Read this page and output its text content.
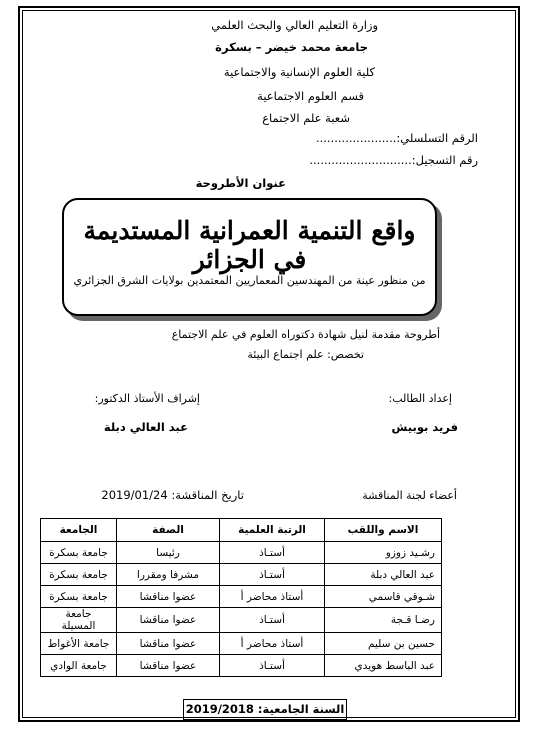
وزارة التعليم العالي والبحث العلمي
جامعة محمد خيضر – بسكرة
كلية العلوم الإنسانية والاجتماعية
قسم العلوم الاجتماعية
شعبة علم الاجتماع
الرقم التسلسلي:......................
رقم التسجيل:............................
عنوان الأطروحة
واقع التنمية العمرانية المستديمة في الجزائر
من منظور عينة من المهندسين المعماريين المعتمدين بولايات الشرق الجزائري
أطروحة مقدمة لنيل شهادة دكتوراه العلوم في علم الاجتماع
تخصص: علم اجتماع البيئة
إعداد الطالب:
فريد بوبيش
إشراف الأستاذ الدكتور:
عبد العالي دبلة
أعضاء لجنة المناقشة
تاريخ المناقشة: 2019/01/24
الاسم واللقب	الرتبة العلمية	الصفة	الجامعة
رشـيد زوزو	أستـاذ	رئيسا	جامعة بسكرة
عبد العالي دبلة	أستـاذ	مشرفا ومقررا	جامعة بسكرة
شـوقي قاسمي	أستاذ محاضر أ	عضوا مناقشا	جامعة بسكرة
رضـا قـجة	أستـاذ	عضوا مناقشا	جامعة المسيلة
حسين بن سليم	أستاذ محاضر أ	عضوا مناقشا	جامعة الأغواط
عبد الباسط هويدي	أستـاذ	عضوا مناقشا	جامعة الوادي
السنة الجامعية: 2019/2018
